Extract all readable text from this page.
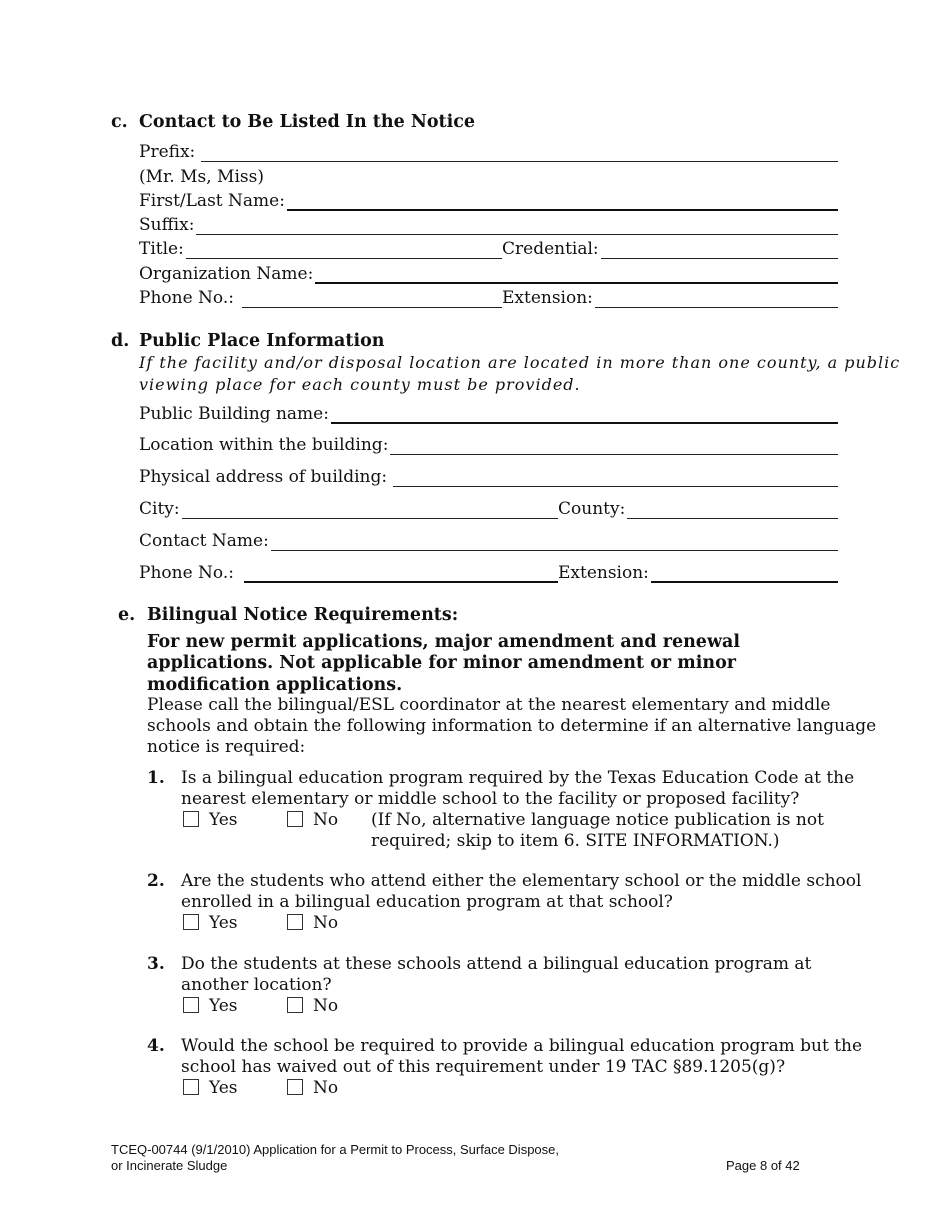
c. Contact to Be Listed In the Notice
Prefix:
(Mr. Ms, Miss)
First/Last Name:
Suffix:
Title:	Credential:
Organization Name:
Phone No.:	Extension:
d. Public Place Information
If the facility and/or disposal location are located in more than one county, a public
viewing place for each county must be provided.
Public Building name:
Location within the building:
Physical address of building:
City:	County:
Contact Name:
Phone No.:	Extension:
e. Bilingual Notice Requirements:
For new permit applications, major amendment and renewal
applications. Not applicable for minor amendment or minor
modification applications.
Please call the bilingual/ESL coordinator at the nearest elementary and middle
schools and obtain the following information to determine if an alternative language
notice is required:
1. Is a bilingual education program required by the Texas Education Code at the
nearest elementary or middle school to the facility or proposed facility?
Yes	No (If No, alternative language notice publication is not
required; skip to item 6. SITE INFORMATION.)
2. Are the students who attend either the elementary school or the middle school
enrolled in a bilingual education program at that school?
Yes	No
3. Do the students at these schools attend a bilingual education program at
another location?
Yes	No
4. Would the school be required to provide a bilingual education program but the
school has waived out of this requirement under 19 TAC §89.1205(g)?
Yes	No
TCEQ-00744 (9/1/2010) Application for a Permit to Process, Surface Dispose,
or Incinerate Sludge	Page 8 of 42
